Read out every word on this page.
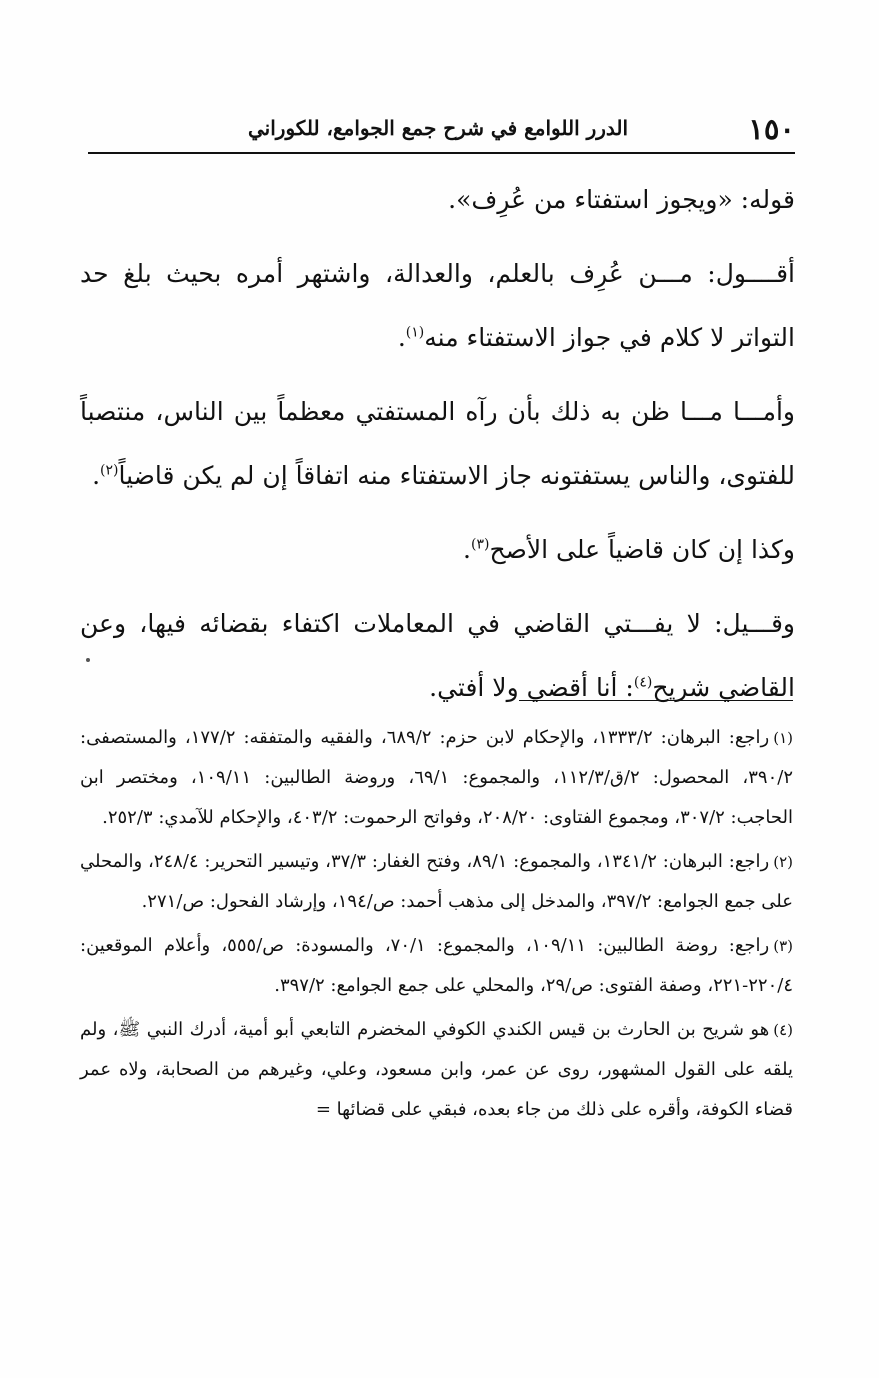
١٥٠
الدرر اللوامع في شرح جمع الجوامع، للكوراني

قوله: «ويجوز استفتاء من عُرِف».

أقــــول: مـــن عُرِف بالعلم، والعدالة، واشتهر أمره بحيث بلغ حد التواتر لا كلام في جواز الاستفتاء منه$^{(١)}$.

وأمـــا مـــا ظن به ذلك بأن رآه المستفتي معظماً بين الناس، منتصباً للفتوى، والناس يستفتونه جاز الاستفتاء منه اتفاقاً إن لم يكن قاضياً$^{(٢)}$.

وكذا إن كان قاضياً على الأصح$^{(٣)}$.

وقـــيل: لا يفـــتي القاضي في المعاملات اكتفاء بقضائه فيها، وعن القاضي شريح$^{(٤)}$: أنا أقضي ولا أفتي.

(١)راجع: البرهان: ١٣٣٣/٢، والإحكام لابن حزم: ٦٨٩/٢، والفقيه والمتفقه: ١٧٧/٢، والمستصفى: ٣٩٠/٢، المحصول: ٢/ق/١١٢/٣، والمجموع: ٦٩/١، وروضة الطالبين: ١٠٩/١١، ومختصر ابن الحاجب: ٣٠٧/٢، ومجموع الفتاوى: ٢٠٨/٢٠، وفواتح الرحموت: ٤٠٣/٢، والإحكام للآمدي: ٢٥٢/٣.

(٢)راجع: البرهان: ١٣٤١/٢، والمجموع: ٨٩/١، وفتح الغفار: ٣٧/٣، وتيسير التحرير: ٢٤٨/٤، والمحلي على جمع الجوامع: ٣٩٧/٢، والمدخل إلى مذهب أحمد: ص/١٩٤، وإرشاد الفحول: ص/٢٧١.

(٣)راجع: روضة الطالبين: ١٠٩/١١، والمجموع: ٧٠/١، والمسودة: ص/٥٥٥، وأعلام الموقعين: ٢٢٠/٤-٢٢١، وصفة الفتوى: ص/٢٩، والمحلي على جمع الجوامع: ٣٩٧/٢.

(٤)هو شريح بن الحارث بن قيس الكندي الكوفي المخضرم التابعي أبو أمية، أدرك النبي ﷺ، ولم يلقه على القول المشهور، روى عن عمر، وابن مسعود، وعلي، وغيرهم من الصحابة، ولاه عمر قضاء الكوفة، وأقره على ذلك من جاء بعده، فبقي على قضائها =
